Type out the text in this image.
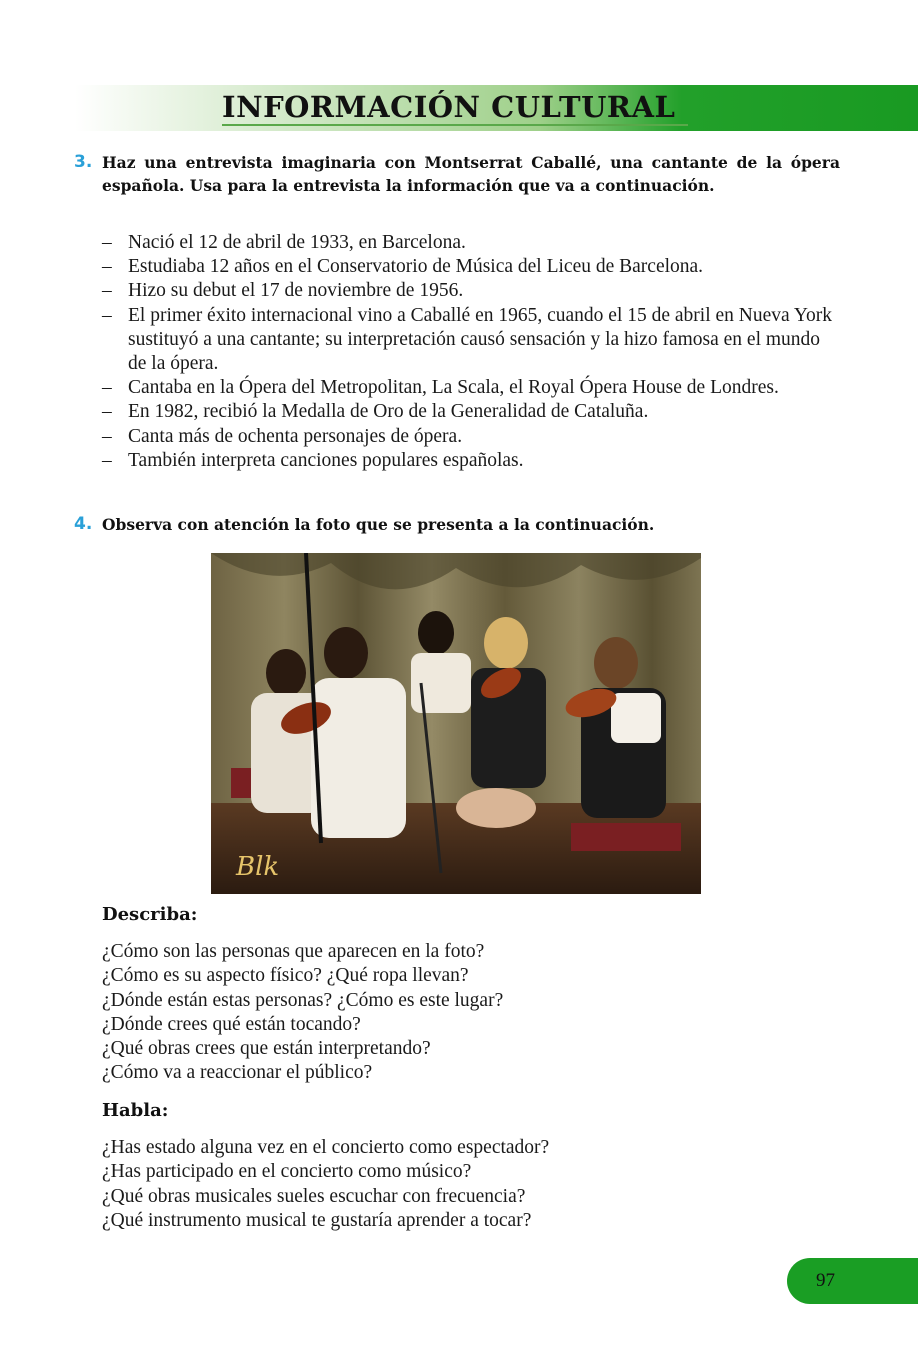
INFORMACIÓN CULTURAL
3. Haz una entrevista imaginaria con Montserrat Caballé, una cantante de la ópera española. Usa para la entrevista la información que va a continuación.
– Nació el 12 de abril de 1933, en Barcelona.
– Estudiaba 12 años en el Conservatorio de Música del Liceu de Barcelona.
– Hizo su debut el 17 de noviembre de 1956.
– El primer éxito internacional vino a Caballé en 1965, cuando el 15 de abril en Nueva York sustituyó a una cantante; su interpretación causó sensación y la hizo famosa en el mundo de la ópera.
– Cantaba en la Ópera del Metropolitan, La Scala, el Royal Ópera House de Londres.
– En 1982, recibió la Medalla de Oro de la Generalidad de Cataluña.
– Canta más de ochenta personajes de ópera.
– También interpreta canciones populares españolas.
4. Observa con atención la foto que se presenta a la continuación.
Blk
Describa:
¿Cómo son las personas que aparecen en la foto?
¿Cómo es su aspecto físico? ¿Qué ropa llevan?
¿Dónde están estas personas? ¿Cómo es este lugar?
¿Dónde crees qué están tocando?
¿Qué obras crees que están interpretando?
¿Cómo va a reaccionar el público?
Habla:
¿Has estado alguna vez en el concierto como espectador?
¿Has participado en el concierto como músico?
¿Qué obras musicales sueles escuchar con frecuencia?
¿Qué instrumento musical te gustaría aprender a tocar?
97
